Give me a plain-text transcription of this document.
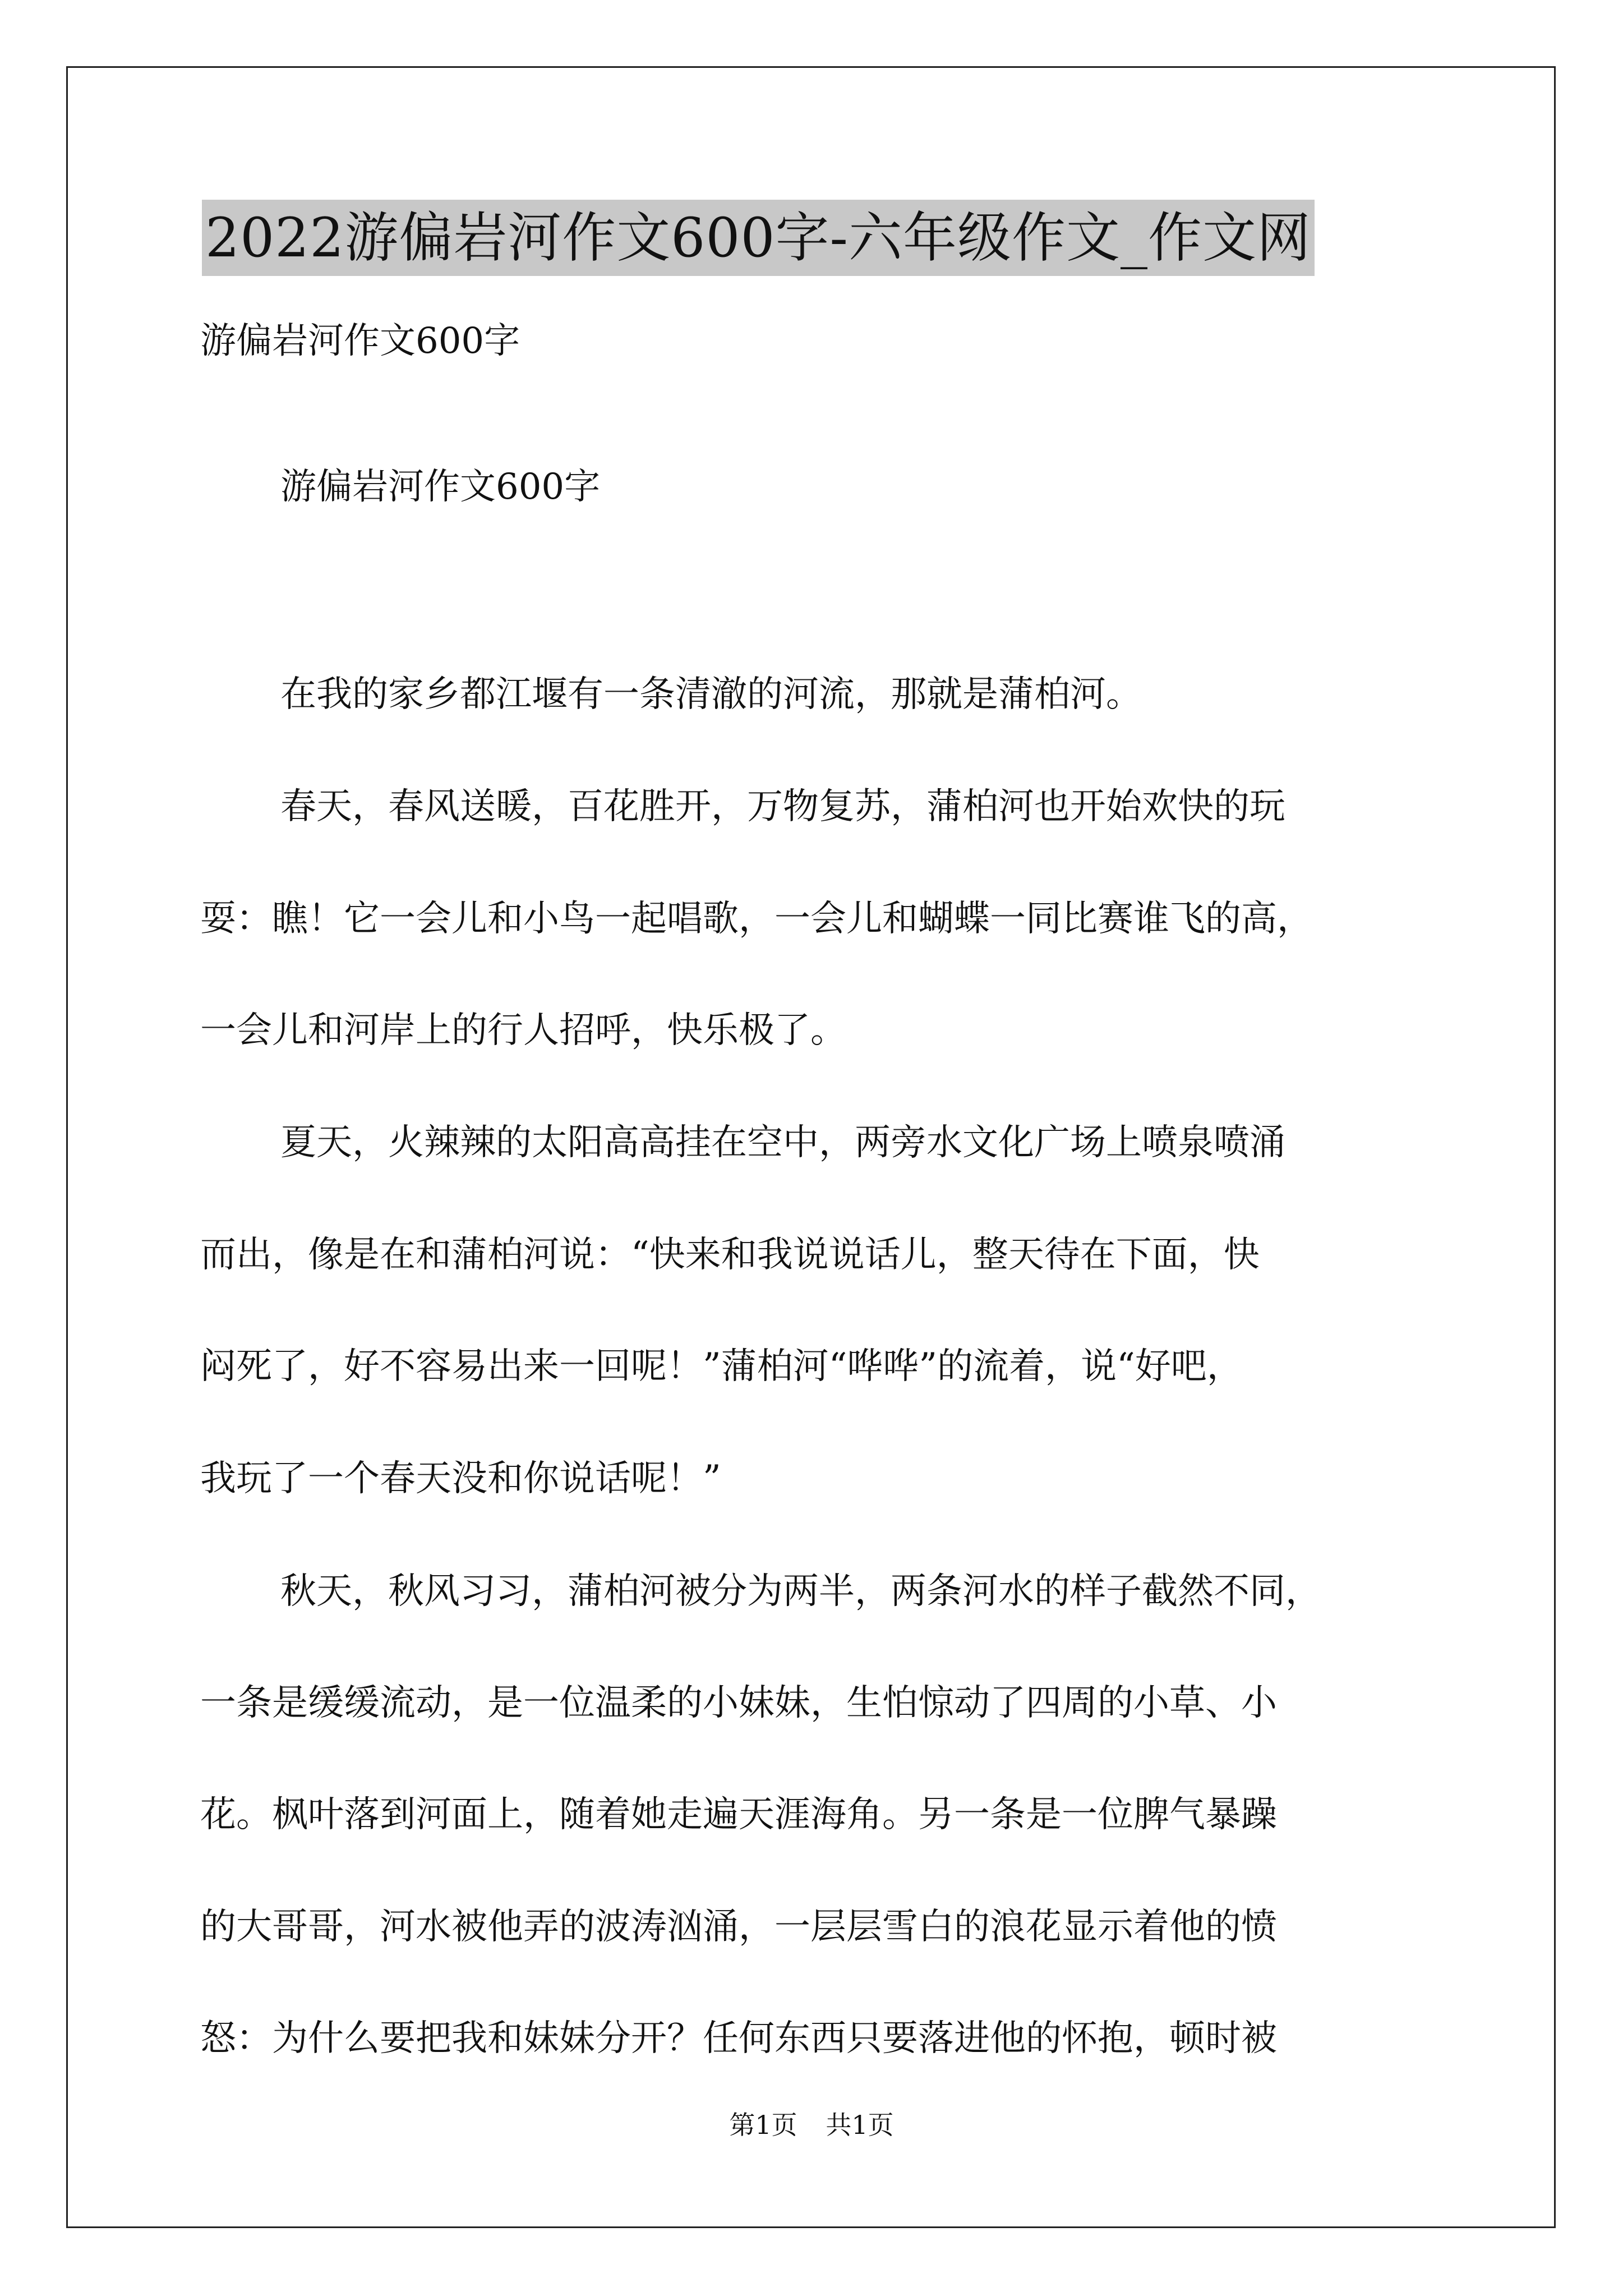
2022游偏岩河作文600字-六年级作文_作文网
游偏岩河作文600字
游偏岩河作文600字
在我的家乡都江堰有一条清澈的河流，那就是蒲柏河。
春天，春风送暖，百花胜开，万物复苏，蒲柏河也开始欢快的玩
耍：瞧！它一会儿和小鸟一起唱歌，一会儿和蝴蝶一同比赛谁飞的高，
一会儿和河岸上的行人招呼，快乐极了。
夏天，火辣辣的太阳高高挂在空中，两旁水文化广场上喷泉喷涌
而出，像是在和蒲柏河说：“快来和我说说话儿，整天待在下面，快
闷死了，好不容易出来一回呢！”蒲柏河“哗哗”的流着，说“好吧，
我玩了一个春天没和你说话呢！”
秋天，秋风习习，蒲柏河被分为两半，两条河水的样子截然不同，
一条是缓缓流动，是一位温柔的小妹妹，生怕惊动了四周的小草、小
花。枫叶落到河面上，随着她走遍天涯海角。另一条是一位脾气暴躁
的大哥哥，河水被他弄的波涛汹涌，一层层雪白的浪花显示着他的愤
怒：为什么要把我和妹妹分开？任何东西只要落进他的怀抱，顿时被
第1页 共1页
